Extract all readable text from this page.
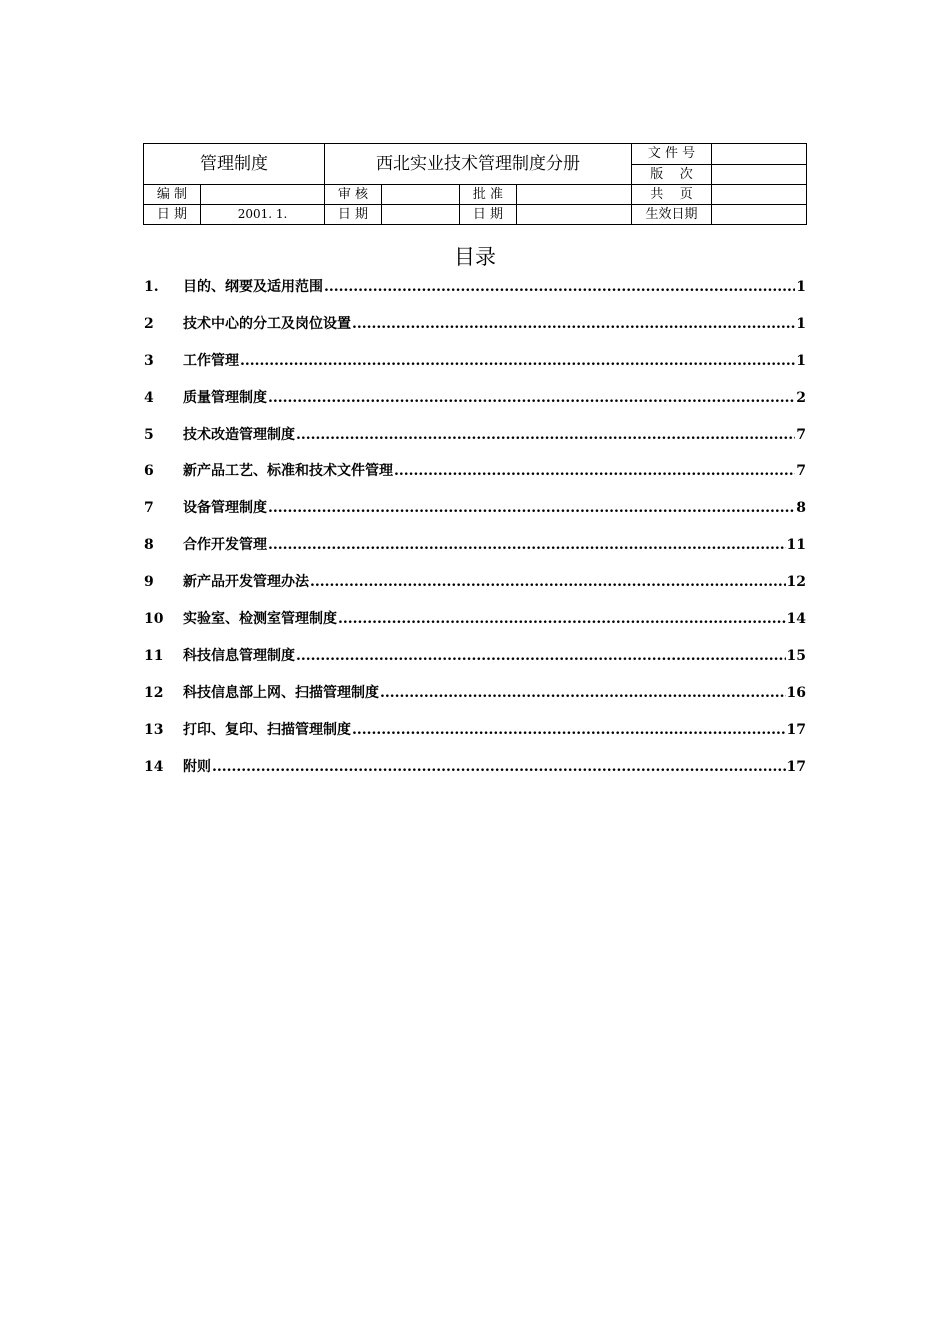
管理制度		西北实业技术管理制度分册				文 件 号	
						版    次	
编 制		审 核		批 准		共    页	
日 期	2001. 1.	日 期		日 期		生效日期	
目录
1.	目的、纲要及适用范围 .....	1
2	技术中心的分工及岗位设置 .....	1
3	工作管理 .....	1
4	质量管理制度 .....	2
5	技术改造管理制度 .....	7
6	新产品工艺、标准和技术文件管理 .....	7
7	设备管理制度 .....	8
8	合作开发管理 .....	11
9	新产品开发管理办法 .....	12
10	实验室、检测室管理制度 .....	14
11	科技信息管理制度 .....	15
12	科技信息部上网、扫描管理制度 .....	16
13	打印、复印、扫描管理制度 .....	17
14	附则 .....	17
